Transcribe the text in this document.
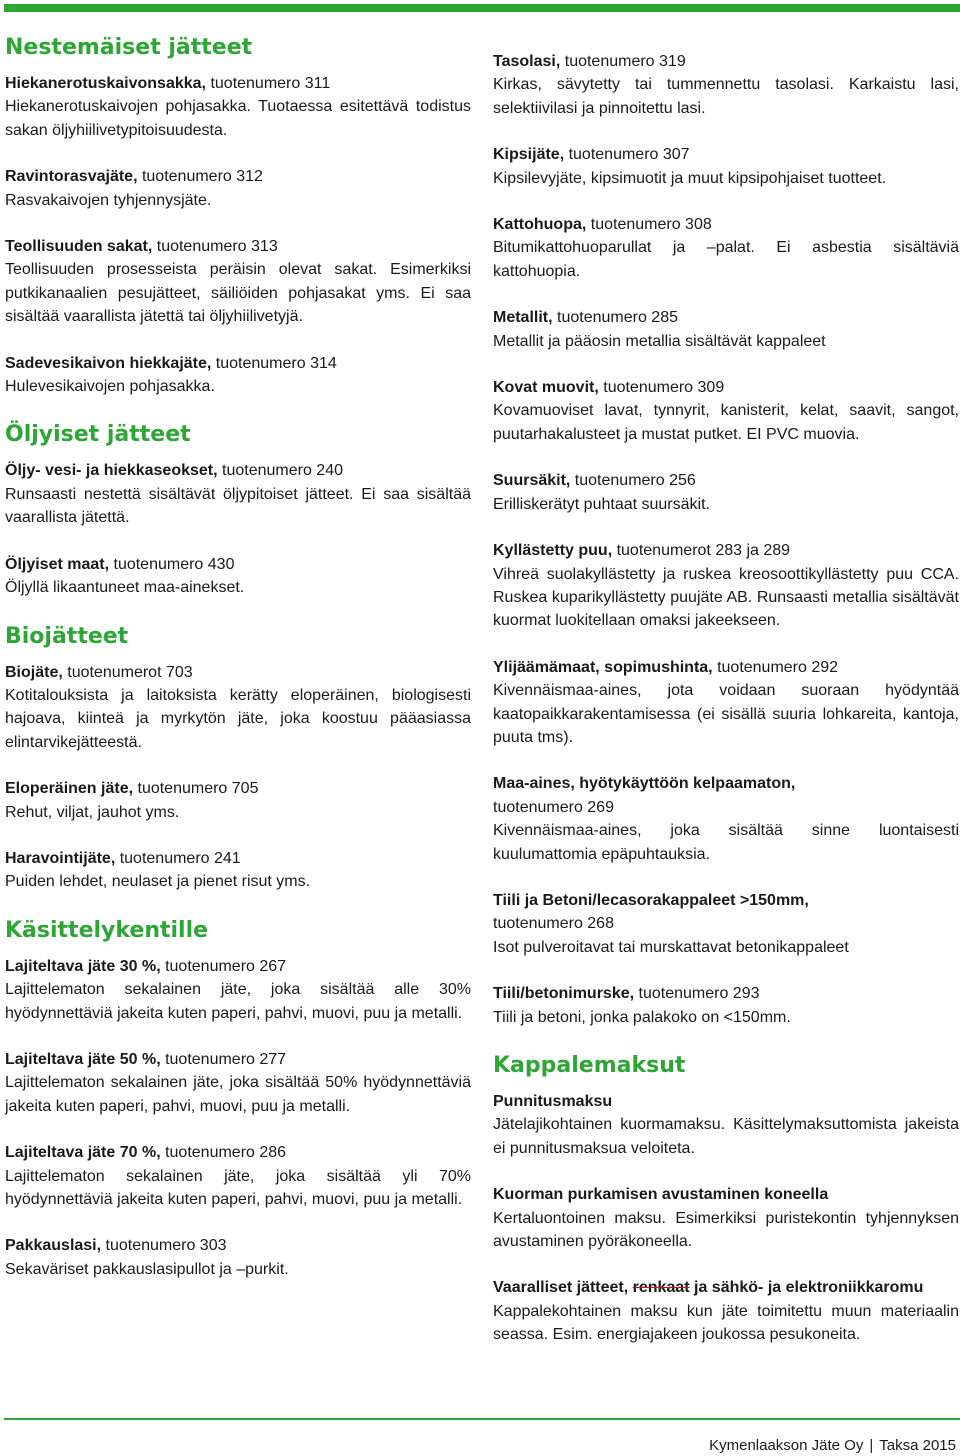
Nestemäiset jätteet

Hiekanerotuskaivonsakka, tuotenumero 311

Hiekanerotuskaivojen pohjasakka. Tuotaessa esitettävä todistus sakan öljyhiilivetypitoisuudesta.

Ravintorasvajäte, tuotenumero 312

Rasvakaivojen tyhjennysjäte.

Teollisuuden sakat, tuotenumero 313

Teollisuuden prosesseista peräisin olevat sakat. Esimerkiksi putkikanaalien pesujätteet, säiliöiden pohjasakat yms. Ei saa sisältää vaarallista jätettä tai öljyhiilivetyjä.

Sadevesikaivon hiekkajäte, tuotenumero 314

Hulevesikaivojen pohjasakka.

Öljyiset jätteet

Öljy- vesi- ja hiekkaseokset, tuotenumero 240

Runsaasti nestettä sisältävät öljypitoiset jätteet. Ei saa sisältää vaarallista jätettä.

Öljyiset maat, tuotenumero 430

Öljyllä likaantuneet maa-ainekset.

Biojätteet

Biojäte, tuotenumerot 703

Kotitalouksista ja laitoksista kerätty eloperäinen, biologisesti hajoava, kiinteä ja myrkytön jäte, joka koostuu pääasiassa elintarvikejätteestä.

Eloperäinen jäte, tuotenumero 705

Rehut, viljat, jauhot yms.

Haravointijäte, tuotenumero 241

Puiden lehdet, neulaset ja pienet risut yms.

Käsittelykentille

Lajiteltava jäte 30 %, tuotenumero 267

Lajittelematon sekalainen jäte, joka sisältää alle 30% hyödynnettäviä jakeita kuten paperi, pahvi, muovi, puu ja metalli.

Lajiteltava jäte 50 %, tuotenumero 277

Lajittelematon sekalainen jäte, joka sisältää 50% hyödynnettäviä jakeita kuten paperi, pahvi, muovi, puu ja metalli.

Lajiteltava jäte 70 %, tuotenumero 286

Lajittelematon sekalainen jäte, joka sisältää yli 70% hyödynnettäviä jakeita kuten paperi, pahvi, muovi, puu ja metalli.

Pakkauslasi, tuotenumero 303

Sekaväriset pakkauslasipullot ja –purkit.

Tasolasi, tuotenumero 319

Kirkas, sävytetty tai tummennettu tasolasi. Karkaistu lasi, selektiivilasi ja pinnoitettu lasi.

Kipsijäte, tuotenumero 307

Kipsilevyjäte, kipsimuotit ja muut kipsipohjaiset tuotteet.

Kattohuopa, tuotenumero 308

Bitumikattohuoparullat ja –palat. Ei asbestia sisältäviä kattohuopia.

Metallit, tuotenumero 285

Metallit ja pääosin metallia sisältävät kappaleet

Kovat muovit, tuotenumero 309

Kovamuoviset lavat, tynnyrit, kanisterit, kelat, saavit, sangot, puutarhakalusteet ja mustat putket. EI PVC muovia.

Suursäkit, tuotenumero 256

Erilliskerätyt puhtaat suursäkit.

Kyllästetty puu, tuotenumerot 283 ja 289

Vihreä suolakyllästetty ja ruskea kreosoottikyllästetty puu CCA. Ruskea kuparikyllästetty puujäte AB. Runsaasti metallia sisältävät kuormat luokitellaan omaksi jakeekseen.

Ylijäämämaat, sopimushinta, tuotenumero 292

Kivennäismaa-aines, jota voidaan suoraan hyödyntää kaatopaikkarakentamisessa (ei sisällä suuria lohkareita, kantoja, puuta tms).

Maa-aines, hyötykäyttöön kelpaamaton,

tuotenumero 269

Kivennäismaa-aines, joka sisältää sinne luontaisesti kuulumattomia epäpuhtauksia.

Tiili ja Betoni/lecasorakappaleet >150mm,

tuotenumero 268

Isot pulveroitavat tai murskattavat betonikappaleet

Tiili/betonimurske, tuotenumero 293

Tiili ja betoni, jonka palakoko on <150mm.

Kappalemaksut

Punnitusmaksu

Jätelajikohtainen kuormamaksu. Käsittelymaksuttomista jakeista ei punnitusmaksua veloiteta.

Kuorman purkamisen avustaminen koneella

Kertaluontoinen maksu. Esimerkiksi puristekontin tyhjennyksen avustaminen pyöräkoneella.

Vaaralliset jätteet, renkaat ja sähkö- ja elektroniikkaromu

Kappalekohtainen maksu kun jäte toimitettu muun materiaalin seassa. Esim. energiajakeen joukossa pesukoneita.

Kymenlaakson Jäte Oy | Taksa 2015
